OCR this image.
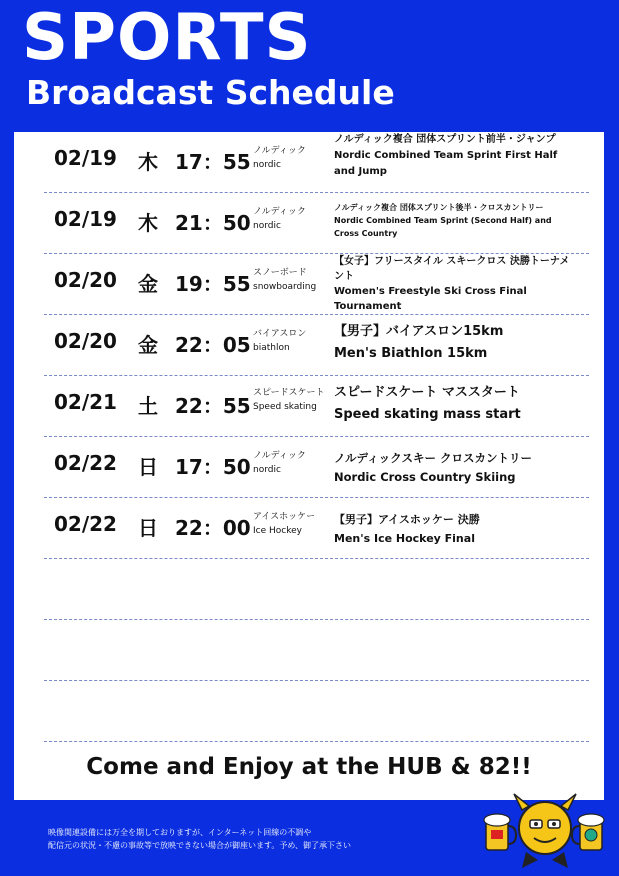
SPORTS
Broadcast Schedule
02/19 木 17：55 ノルディック
nordic
ノルディック複合 団体スプリント前半・ジャンプ
Nordic Combined Team Sprint First Half and Jump
02/19 木 21：50 ノルディック
nordic
ノルディック複合 団体スプリント後半・クロスカントリー
Nordic Combined Team Sprint (Second Half) and Cross Country
02/20 金 19：55 スノーボード
snowboarding
【女子】フリースタイル スキークロス 決勝トーナメント
Women's Freestyle Ski Cross Final Tournament
02/20 金 22：05 バイアスロン
biathlon
【男子】バイアスロン15km
Men's Biathlon 15km
02/21 土 22：55
スピードスケート
Speed skating
スピードスケート マススタート
Speed skating mass start
02/22 日 17：50 ノルディック
nordic
ノルディックスキー クロスカントリー
Nordic Cross Country Skiing
02/22 日 22：00 アイスホッケー
Ice Hockey
【男子】アイスホッケー 決勝
Men's Ice Hockey Final
Come and Enjoy at the HUB & 82!!
映像関連設備には万全を期しておりますが、インターネット回線の不調や
配信元の状況・不慮の事故等で放映できない場合が御座います。予め、御了承下さい
